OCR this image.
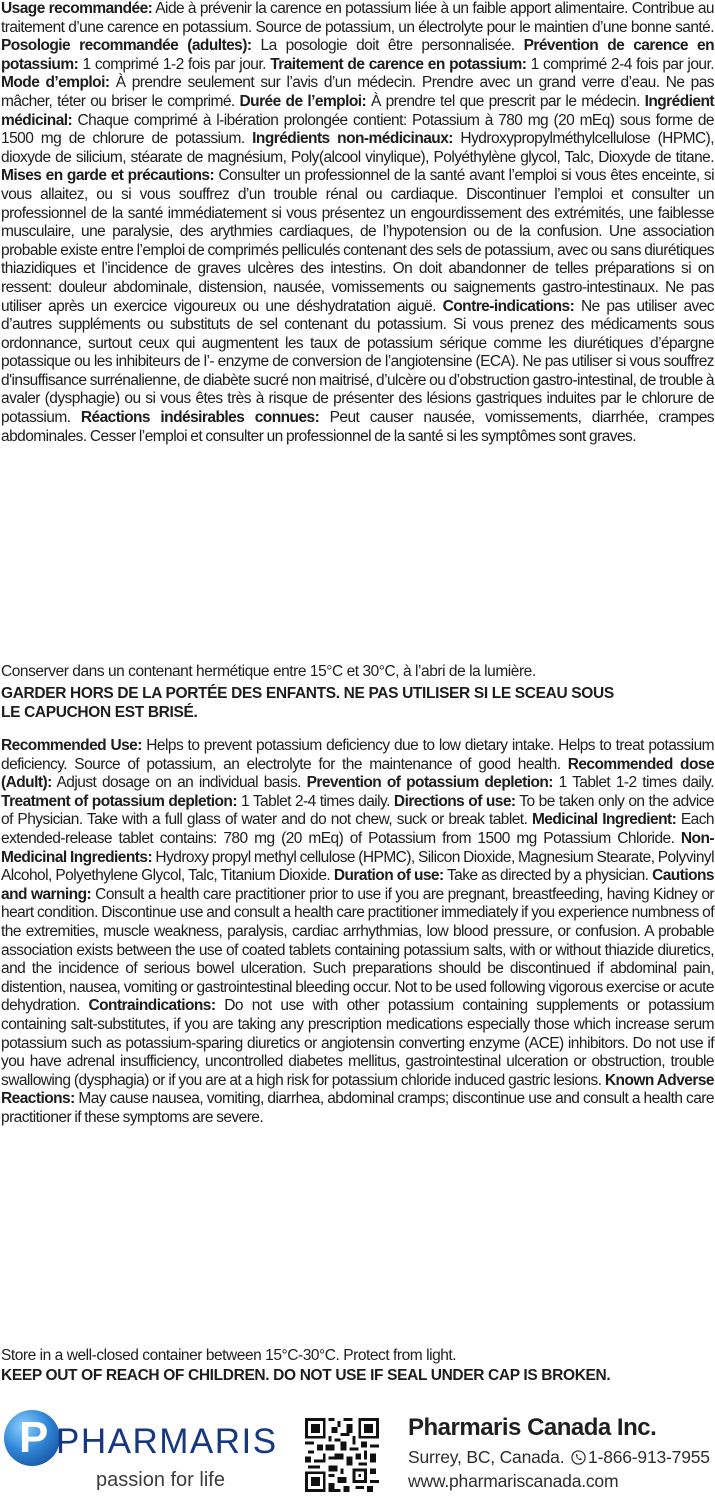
Usage recommandée: Aide à prévenir la carence en potassium liée à un faible apport alimentaire. Contribue au traitement d’une carence en potassium. Source de potassium, un électrolyte pour le maintien d’une bonne santé. Posologie recommandée (adultes): La posologie doit être personnalisée. Prévention de carence en potassium: 1 comprimé 1-2 fois par jour. Traitement de carence en potassium: 1 comprimé 2-4 fois par jour. Mode d’emploi: À prendre seulement sur l’avis d’un médecin. Prendre avec un grand verre d’eau. Ne pas mâcher, téter ou briser le comprimé. Durée de l’emploi: À prendre tel que prescrit par le médecin. Ingrédient médicinal: Chaque comprimé à l-ibération prolongée contient: Potassium à 780 mg (20 mEq) sous forme de 1500 mg de chlorure de potassium. Ingrédients non-médicinaux: Hydroxypropylméthylcellulose (HPMC), dioxyde de silicium, stéarate de magnésium, Poly(alcool vinylique), Polyéthylène glycol, Talc, Dioxyde de titane. Mises en garde et précautions: Consulter un professionnel de la santé avant l’emploi si vous êtes enceinte, si vous allaitez, ou si vous souffrez d’un trouble rénal ou cardiaque. Discontinuer l’emploi et consulter un professionnel de la santé immédiatement si vous présentez un engourdissement des extrémités, une faiblesse musculaire, une paralysie, des arythmies cardiaques, de l’hypotension ou de la confusion. Une association probable existe entre l’emploi de comprimés pelliculés contenant des sels de potassium, avec ou sans diurétiques thiazidiques et l’incidence de graves ulcères des intestins. On doit abandonner de telles préparations si on ressent: douleur abdominale, distension, nausée, vomissements ou saignements gastro-intestinaux. Ne pas utiliser après un exercice vigoureux ou une déshydratation aiguë. Contre-indications: Ne pas utiliser avec d’autres suppléments ou substituts de sel contenant du potassium. Si vous prenez des médicaments sous ordonnance, surtout ceux qui augmentent les taux de potassium sérique comme les diurétiques d’épargne potassique ou les inhibiteurs de l’- enzyme de conversion de l’angiotensine (ECA). Ne pas utiliser si vous souffrez d'insuffisance surrénalienne, de diabète sucré non maitrisé, d’ulcère ou d’obstruction gastro-intestinal, de trouble à avaler (dysphagie) ou si vous êtes très à risque de présenter des lésions gastriques induites par le chlorure de potassium. Réactions indésirables connues: Peut causer nausée, vomissements, diarrhée, crampes abdominales. Cesser l’emploi et consulter un professionnel de la santé si les symptômes sont graves.

Conserver dans un contenant hermétique entre 15°C et 30°C, à l’abri de la lumière.

GARDER HORS DE LA PORTÉE DES ENFANTS. NE PAS UTILISER SI LE SCEAU SOUS
LE CAPUCHON EST BRISÉ.

Recommended Use: Helps to prevent potassium deficiency due to low dietary intake. Helps to treat potassium deficiency. Source of potassium, an electrolyte for the maintenance of good health. Recommended dose (Adult): Adjust dosage on an individual basis. Prevention of potassium depletion: 1 Tablet 1-2 times daily. Treatment of potassium depletion: 1 Tablet 2-4 times daily. Directions of use: To be taken only on the advice of Physician. Take with a full glass of water and do not chew, suck or break tablet. Medicinal Ingredient: Each extended-release tablet contains: 780 mg (20 mEq) of Potassium from 1500 mg Potassium Chloride. Non-Medicinal Ingredients: Hydroxy propyl methyl cellulose (HPMC), Silicon Dioxide, Magnesium Stearate, Polyvinyl Alcohol, Polyethylene Glycol, Talc, Titanium Dioxide. Duration of use: Take as directed by a physician. Cautions and warning: Consult a health care practitioner prior to use if you are pregnant, breastfeeding, having Kidney or heart condition. Discontinue use and consult a health care practitioner immediately if you experience numbness of the extremities, muscle weakness, paralysis, cardiac arrhythmias, low blood pressure, or confusion. A probable association exists between the use of coated tablets containing potassium salts, with or without thiazide diuretics, and the incidence of serious bowel ulceration. Such preparations should be discontinued if abdominal pain, distention, nausea, vomiting or gastrointestinal bleeding occur. Not to be used following vigorous exercise or acute dehydration. Contraindications: Do not use with other potassium containing supplements or potassium containing salt-substitutes, if you are taking any prescription medications especially those which increase serum potassium such as potassium-sparing diuretics or angiotensin converting enzyme (ACE) inhibitors. Do not use if you have adrenal insufficiency, uncontrolled diabetes mellitus, gastrointestinal ulceration or obstruction, trouble swallowing (dysphagia) or if you are at a high risk for potassium chloride induced gastric lesions. Known Adverse Reactions: May cause nausea, vomiting, diarrhea, abdominal cramps; discontinue use and consult a health care practitioner if these symptoms are severe.

Store in a well-closed container between 15°C-30°C. Protect from light.

KEEP OUT OF REACH OF CHILDREN. DO NOT USE IF SEAL UNDER CAP IS BROKEN.

P PHARMARIS
passion for life
Pharmaris Canada Inc.
Surrey, BC, Canada. 1-866-913-7955
www.pharmariscanada.com
